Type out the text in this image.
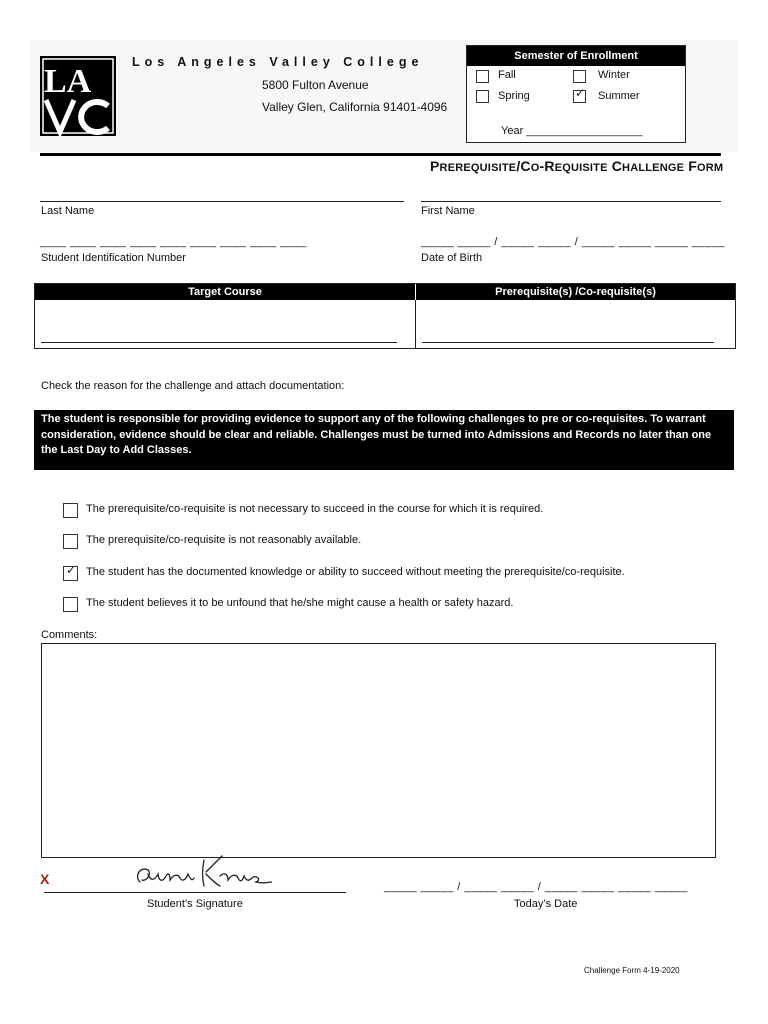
LA
Los Angeles Valley College
5800 Fulton Avenue
Valley Glen, California 91401-4096
Semester of Enrollment
Fall	Winter
Spring	✓ Summer
Year ___________________
PREREQUISITE/CO-REQUISITE CHALLENGE FORM
Last Name	First Name
____ ____ ____ ____ ____ ____ ____ ____ ____
Student Identification Number
_____ _____ / _____ _____ / _____ _____ _____ _____
Date of Birth
Target Course	Prerequisite(s) /Co-requisite(s)
Check the reason for the challenge and attach documentation:
The student is responsible for providing evidence to support any of the following challenges to pre or co-requisites. To warrant consideration, evidence should be clear and reliable. Challenges must be turned into Admissions and Records no later than one the Last Day to Add Classes.
The prerequisite/co-requisite is not necessary to succeed in the course for which it is required.
The prerequisite/co-requisite is not reasonably available.
✓ The student has the documented knowledge or ability to succeed without meeting the prerequisite/co-requisite.
The student believes it to be unfound that he/she might cause a health or safety hazard.
Comments:
X
Student’s Signature
_____ _____ / _____ _____ / _____ _____ _____ _____
Today’s Date
Challenge Form 4-19-2020
